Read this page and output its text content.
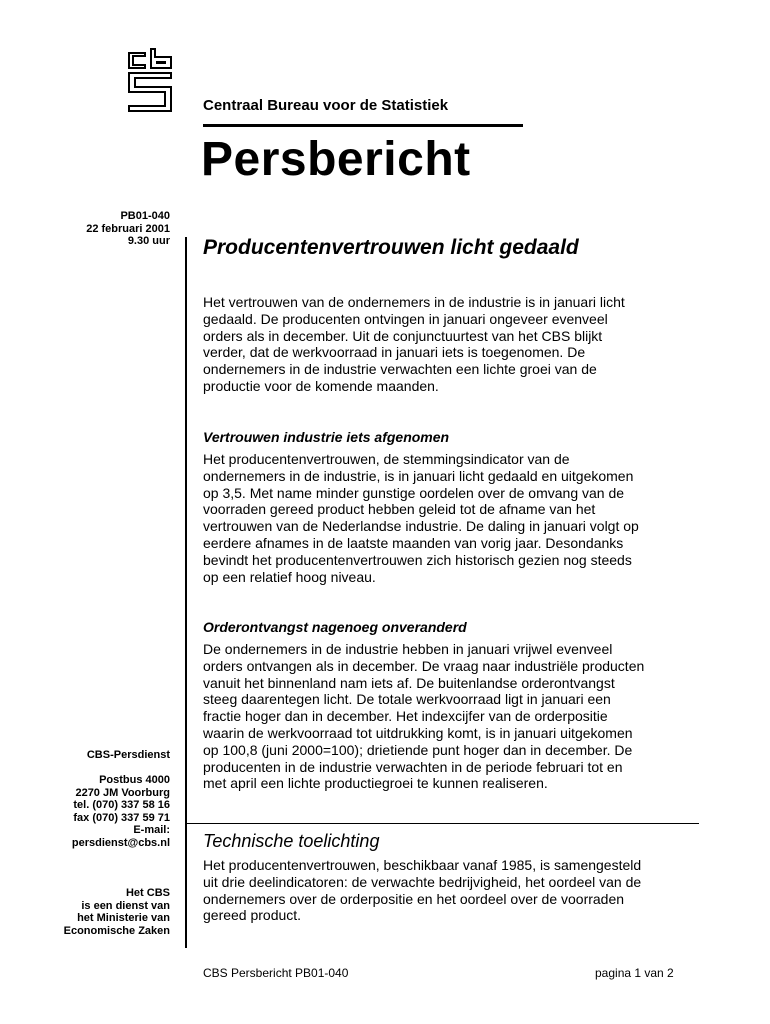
Centraal Bureau voor de Statistiek
Persbericht
PB01-040
22 februari 2001
9.30 uur
CBS-Persdienst
Postbus 4000
2270 JM Voorburg
tel. (070) 337 58 16
fax (070) 337 59 71
E-mail:
persdienst@cbs.nl
Het CBS
is een dienst van
het Ministerie van
Economische Zaken
Producentenvertrouwen licht gedaald
Het vertrouwen van de ondernemers in de industrie is in januari licht
gedaald. De producenten ontvingen in januari ongeveer evenveel
orders als in december. Uit de conjunctuurtest van het CBS blijkt
verder, dat de werkvoorraad in januari iets is toegenomen. De
ondernemers in de industrie verwachten een lichte groei van de
productie voor de komende maanden.
Vertrouwen industrie iets afgenomen
Het producentenvertrouwen, de stemmingsindicator van de
ondernemers in de industrie, is in januari licht gedaald en uitgekomen
op 3,5. Met name minder gunstige oordelen over de omvang van de
voorraden gereed product hebben geleid tot de afname van het
vertrouwen van de Nederlandse industrie. De daling in januari volgt op
eerdere afnames in de laatste maanden van vorig jaar. Desondanks
bevindt het producentenvertrouwen zich historisch gezien nog steeds
op een relatief hoog niveau.
Orderontvangst nagenoeg onveranderd
De ondernemers in de industrie hebben in januari vrijwel evenveel
orders ontvangen als in december. De vraag naar industriële producten
vanuit het binnenland nam iets af. De buitenlandse orderontvangst
steeg daarentegen licht. De totale werkvoorraad ligt in januari een
fractie hoger dan in december. Het indexcijfer van de orderpositie
waarin de werkvoorraad tot uitdrukking komt, is in januari uitgekomen
op 100,8 (juni 2000=100); drietiende punt hoger dan in december. De
producenten in de industrie verwachten in de periode februari tot en
met april een lichte productiegroei te kunnen realiseren.
Technische toelichting
Het producentenvertrouwen, beschikbaar vanaf 1985, is samengesteld
uit drie deelindicatoren: de verwachte bedrijvigheid, het oordeel van de
ondernemers over de orderpositie en het oordeel over de voorraden
gereed product.
CBS Persbericht PB01-040	pagina 1 van 2
